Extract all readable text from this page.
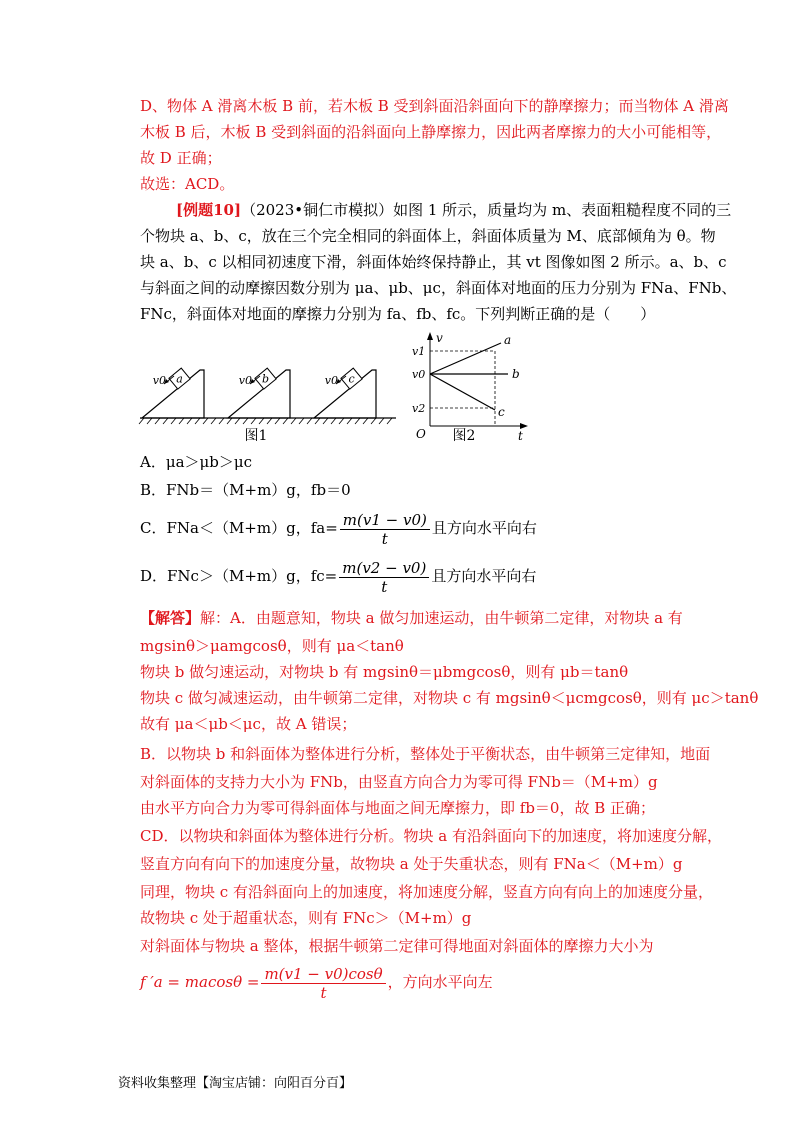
D、物体 A 滑离木板 B 前，若木板 B 受到斜面沿斜面向下的静摩擦力；而当物体 A 滑离
木板 B 后，木板 B 受到斜面的沿斜面向上静摩擦力，因此两者摩擦力的大小可能相等，
故 D 正确；
故选：ACD。
[例题10]（2023•铜仁市模拟）如图 1 所示，质量均为 m、表面粗糙程度不同的三
个物块 a、b、c，放在三个完全相同的斜面体上，斜面体质量为 M、底部倾角为 θ。物
块 a、b、c 以相同初速度下滑，斜面体始终保持静止，其 vt 图像如图 2 所示。a、b、c
与斜面之间的动摩擦因数分别为 μa、μb、μc，斜面体对地面的压力分别为 FNa、FNb、
FNc，斜面体对地面的摩擦力分别为 fa、fb、fc。下列判断正确的是（　　）
a
v0	b
v0	c
v0
图1
v
t
O
v1
v0
v2
a
b
c
图2
A．μa＞μb＞μc
B．FNb＝（M+m）g，fb＝0
C．FNa＜（M+m）g，$fa= \frac{m(v1 - v0)}{t}$ 且方向水平向右
D．FNc＞（M+m）g，$fc= \frac{m(v2 - v0)}{t}$ 且方向水平向右
【解答】解：A．由题意知，物块 a 做匀加速运动，由牛顿第二定律，对物块 a 有
mgsinθ＞μamgcosθ，则有 μa＜tanθ
物块 b 做匀速运动，对物块 b 有 mgsinθ＝μbmgcosθ，则有 μb＝tanθ
物块 c 做匀减速运动，由牛顿第二定律，对物块 c 有 mgsinθ＜μcmgcosθ，则有 μc＞tanθ
故有 μa＜μb＜μc，故 A 错误；
B．以物块 b 和斜面体为整体进行分析，整体处于平衡状态，由牛顿第三定律知，地面
对斜面体的支持力大小为 FNb，由竖直方向合力为零可得 FNb＝（M+m）g
由水平方向合力为零可得斜面体与地面之间无摩擦力，即 fb＝0，故 B 正确；
CD．以物块和斜面体为整体进行分析。物块 a 有沿斜面向下的加速度，将加速度分解，
竖直方向有向下的加速度分量，故物块 a 处于失重状态，则有 FNa＜（M+m）g
同理，物块 c 有沿斜面向上的加速度，将加速度分解，竖直方向有向上的加速度分量，
故物块 c 处于超重状态，则有 FNc＞（M+m）g
对斜面体与物块 a 整体，根据牛顿第二定律可得地面对斜面体的摩擦力大小为
f $'a = macos\theta = \frac{m(v1 - v0)\cos\theta}{t}$ ，方向水平向左
资料收集整理【淘宝店铺：向阳百分百】
